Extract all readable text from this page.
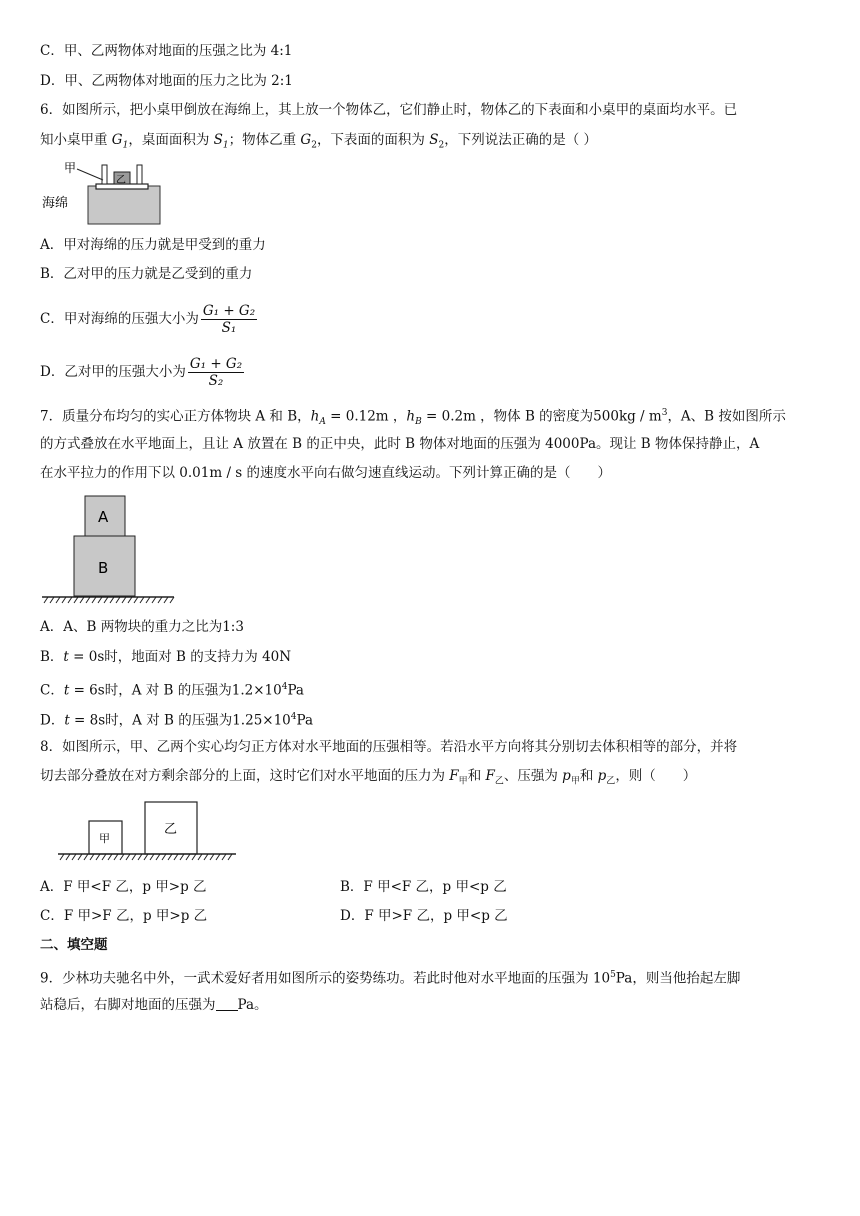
C．甲、乙两物体对地面的压强之比为 4:1
D．甲、乙两物体对地面的压力之比为 2:1
6．如图所示，把小桌甲倒放在海绵上，其上放一个物体乙，它们静止时，物体乙的下表面和小桌甲的桌面均水平。已
知小桌甲重 $G_1$，桌面面积为 $S_1$；物体乙重 $G_2$，下表面的面积为 $S_2$，下列说法正确的是（ ）
乙
甲
海绵
A．甲对海绵的压力就是甲受到的重力
B．乙对甲的压力就是乙受到的重力
C．甲对海绵的压强大小为 $\frac{\text{G₁ + G₂}}{\text{S₁}}$
D．乙对甲的压强大小为 $\frac{\text{G₁ + G₂}}{\text{S₂}}$
7．质量分布均匀的实心正方体物块 A 和 B，$h_A = 0.12m$ ，$h_B = 0.2m$ ，物体 B 的密度为$500kg / m^3$，A、B 按如图所示
的方式叠放在水平地面上，且让 A 放置在 B 的正中央，此时 B 物体对地面的压强为 4000Pa。现让 B 物体保持静止，A
在水平拉力的作用下以 0.01m / s 的速度水平向右做匀速直线运动。下列计算正确的是（　　）
A
B
A．A、B 两物块的重力之比为1:3
B．t = 0s时，地面对 B 的支持力为 40N
C．t = 6s时，A 对 B 的压强为$1.2\times 10^4Pa$
D．t = 8s时，A 对 B 的压强为$1.25\times 10^4Pa$
8．如图所示，甲、乙两个实心均匀正方体对水平地面的压强相等。若沿水平方向将其分别切去体积相等的部分，并将
切去部分叠放在对方剩余部分的上面，这时它们对水平地面的压力为 $F_甲$和 $F_乙$、压强为 $p_甲$和 $p_乙$，则（　　）
甲
乙
A．F 甲<F 乙，p 甲>p 乙	B．F 甲<F 乙，p 甲<p 乙
C．F 甲>F 乙，p 甲>p 乙	D．F 甲>F 乙，p 甲<p 乙
二、填空题
9．少林功夫驰名中外，一武术爱好者用如图所示的姿势练功。若此时他对水平地面的压强为 $10^5Pa$，则当他抬起左脚
站稳后，右脚对地面的压强为 Pa。
